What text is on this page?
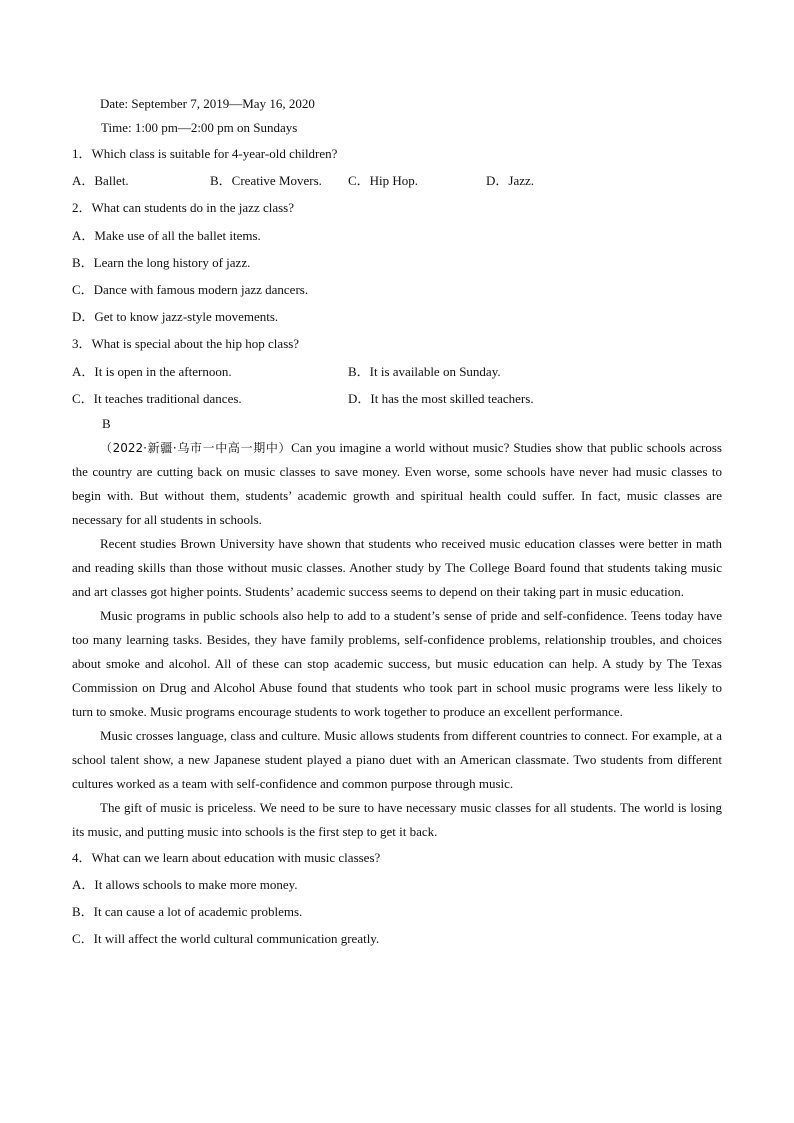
Date: September 7, 2019—May 16, 2020
Time: 1:00 pm—2:00 pm on Sundays
1．Which class is suitable for 4-year-old children?
A．Ballet.	B．Creative Movers. C．Hip Hop.	D．Jazz.
2．What can students do in the jazz class?
A．Make use of all the ballet items.
B．Learn the long history of jazz.
C．Dance with famous modern jazz dancers.
D．Get to know jazz-style movements.
3．What is special about the hip hop class?
A．It is open in the afternoon.	B．It is available on Sunday.
C．It teaches traditional dances.	D．It has the most skilled teachers.
B

（2022·新疆·乌市一中高一期中）Can you imagine a world without music? Studies show that public schools across the country are cutting back on music classes to save money. Even worse, some schools have never had music classes to begin with. But without them, students’ academic growth and spiritual health could suffer. In fact, music classes are necessary for all students in schools.

Recent studies Brown University have shown that students who received music education classes were better in math and reading skills than those without music classes. Another study by The College Board found that students taking music and art classes got higher points. Students’ academic success seems to depend on their taking part in music education.

Music programs in public schools also help to add to a student’s sense of pride and self-confidence. Teens today have too many learning tasks. Besides, they have family problems, self-confidence problems, relationship troubles, and choices about smoke and alcohol. All of these can stop academic success, but music education can help. A study by The Texas Commission on Drug and Alcohol Abuse found that students who took part in school music programs were less likely to turn to smoke. Music programs encourage students to work together to produce an excellent performance.

Music crosses language, class and culture. Music allows students from different countries to connect. For example, at a school talent show, a new Japanese student played a piano duet with an American classmate. Two students from different cultures worked as a team with self-confidence and common purpose through music.

The gift of music is priceless. We need to be sure to have necessary music classes for all students. The world is losing its music, and putting music into schools is the first step to get it back.

4．What can we learn about education with music classes?
A．It allows schools to make more money.
B．It can cause a lot of academic problems.
C．It will affect the world cultural communication greatly.
